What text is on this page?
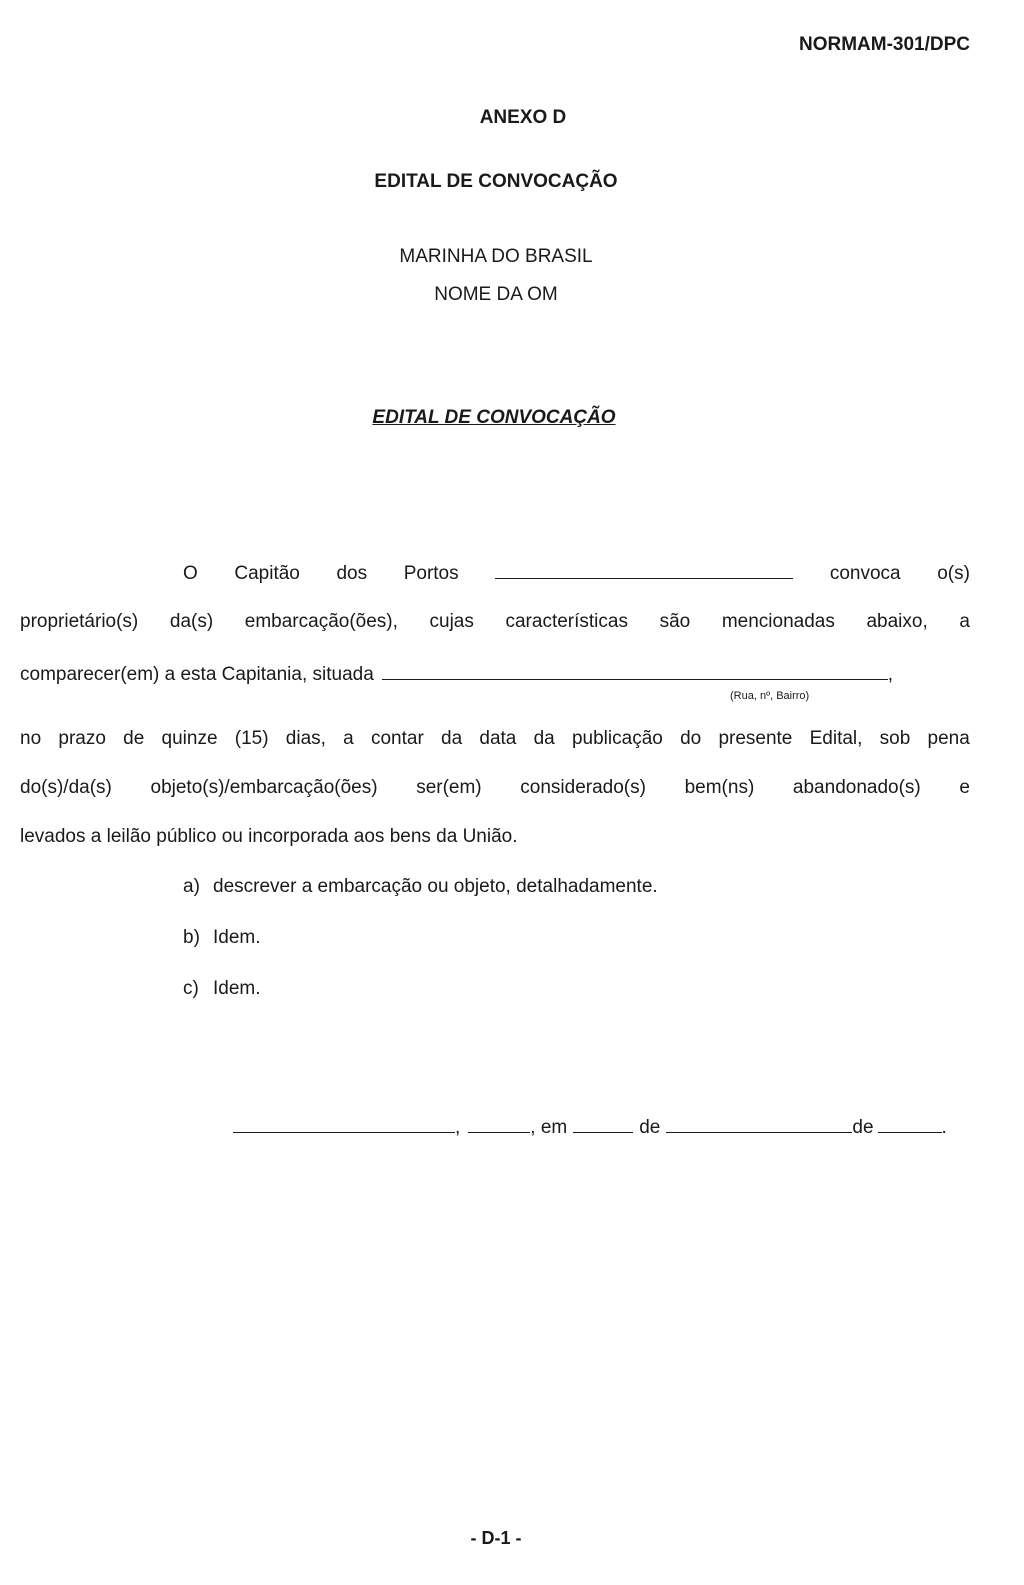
NORMAM-301/DPC
ANEXO D
EDITAL DE CONVOCAÇÃO
MARINHA DO BRASIL
NOME DA OM
EDITAL DE CONVOCAÇÃO
O Capitão dos Portos	convoca o(s)
proprietário(s) da(s) embarcação(ões), cujas características são mencionadas abaixo, a
comparecer(em) a esta Capitania, situada	,
(Rua, nº, Bairro)
no prazo de quinze (15) dias, a contar da data da publicação do presente Edital, sob pena
do(s)/da(s) objeto(s)/embarcação(ões) ser(em) considerado(s) bem(ns) abandonado(s) e
levados a leilão público ou incorporada aos bens da União.
a) descrever a embarcação ou objeto, detalhadamente.
b) Idem.
c) Idem.
,	, em	de	de	.
- D-1 -
